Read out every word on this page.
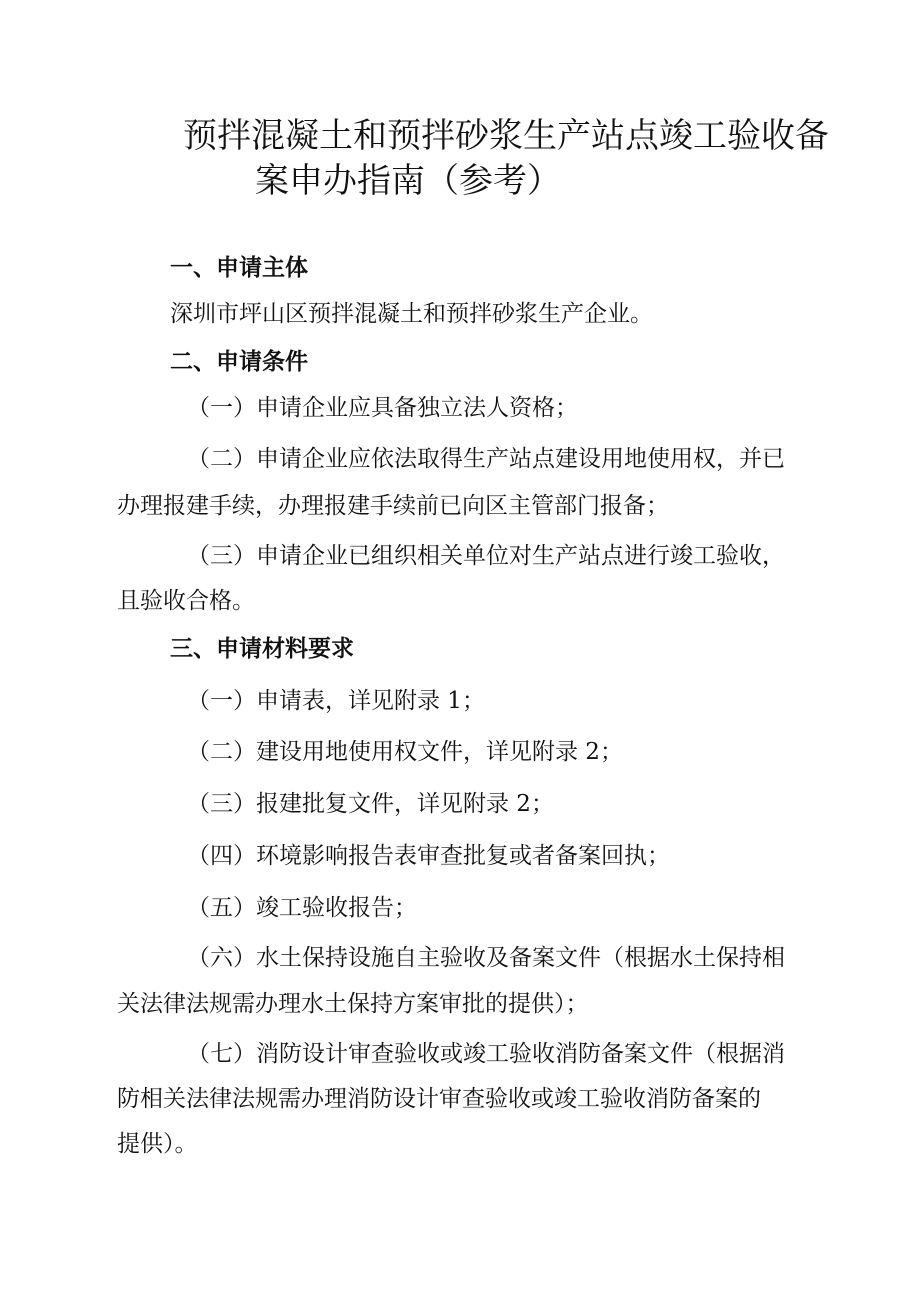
预拌混凝土和预拌砂浆生产站点竣工验收备
案申办指南（参考）
一、申请主体
深圳市坪山区预拌混凝土和预拌砂浆生产企业。
二、申请条件
（一）申请企业应具备独立法人资格；
（二）申请企业应依法取得生产站点建设用地使用权，并已
办理报建手续，办理报建手续前已向区主管部门报备；
（三）申请企业已组织相关单位对生产站点进行竣工验收，
且验收合格。
三、申请材料要求
（一）申请表，详见附录 1；
（二）建设用地使用权文件，详见附录 2；
（三）报建批复文件，详见附录 2；
（四）环境影响报告表审查批复或者备案回执；
（五）竣工验收报告；
（六）水土保持设施自主验收及备案文件（根据水土保持相
关法律法规需办理水土保持方案审批的提供）；
（七）消防设计审查验收或竣工验收消防备案文件（根据消
防相关法律法规需办理消防设计审查验收或竣工验收消防备案的
提供）。
